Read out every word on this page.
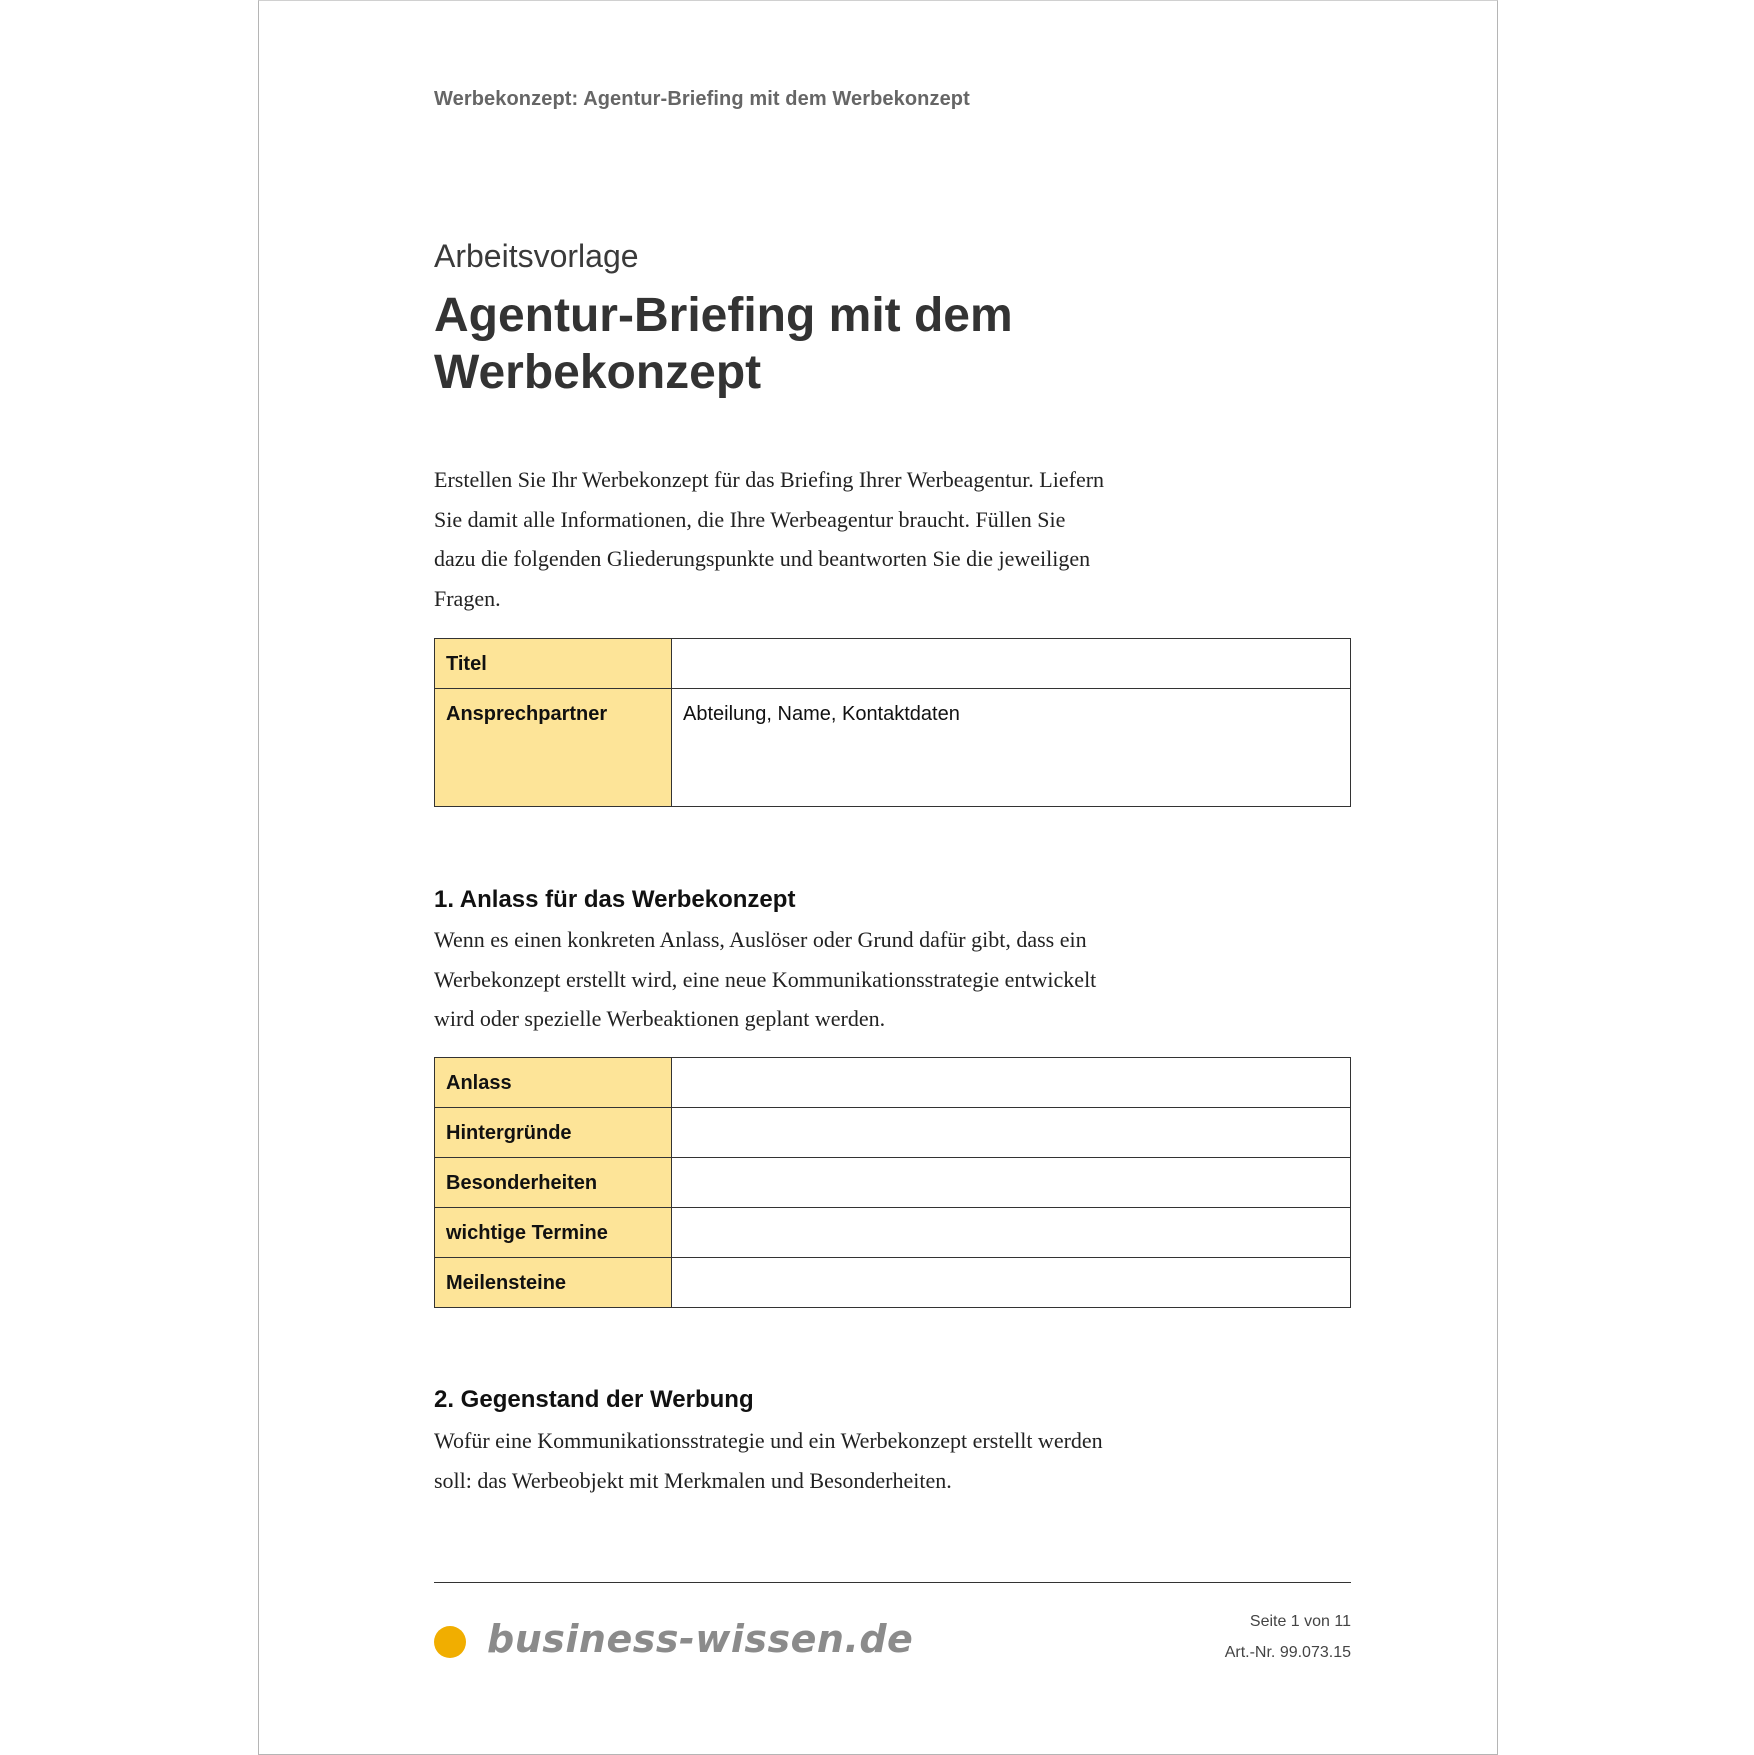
Werbekonzept: Agentur-Briefing mit dem Werbekonzept
Arbeitsvorlage
Agentur-Briefing mit dem
Werbekonzept
Erstellen Sie Ihr Werbekonzept für das Briefing Ihrer Werbeagentur. Liefern
Sie damit alle Informationen, die Ihre Werbeagentur braucht. Füllen Sie
dazu die folgenden Gliederungspunkte und beantworten Sie die jeweiligen
Fragen.
Titel	
Ansprechpartner	Abteilung, Name, Kontaktdaten
1. Anlass für das Werbekonzept
Wenn es einen konkreten Anlass, Auslöser oder Grund dafür gibt, dass ein
Werbekonzept erstellt wird, eine neue Kommunikationsstrategie entwickelt
wird oder spezielle Werbeaktionen geplant werden.
Anlass	
Hintergründe	
Besonderheiten	
wichtige Termine	
Meilensteine	
2. Gegenstand der Werbung
Wofür eine Kommunikationsstrategie und ein Werbekonzept erstellt werden
soll: das Werbeobjekt mit Merkmalen und Besonderheiten.
business-wissen.de	Seite 1 von 11
Art.-Nr. 99.073.15
